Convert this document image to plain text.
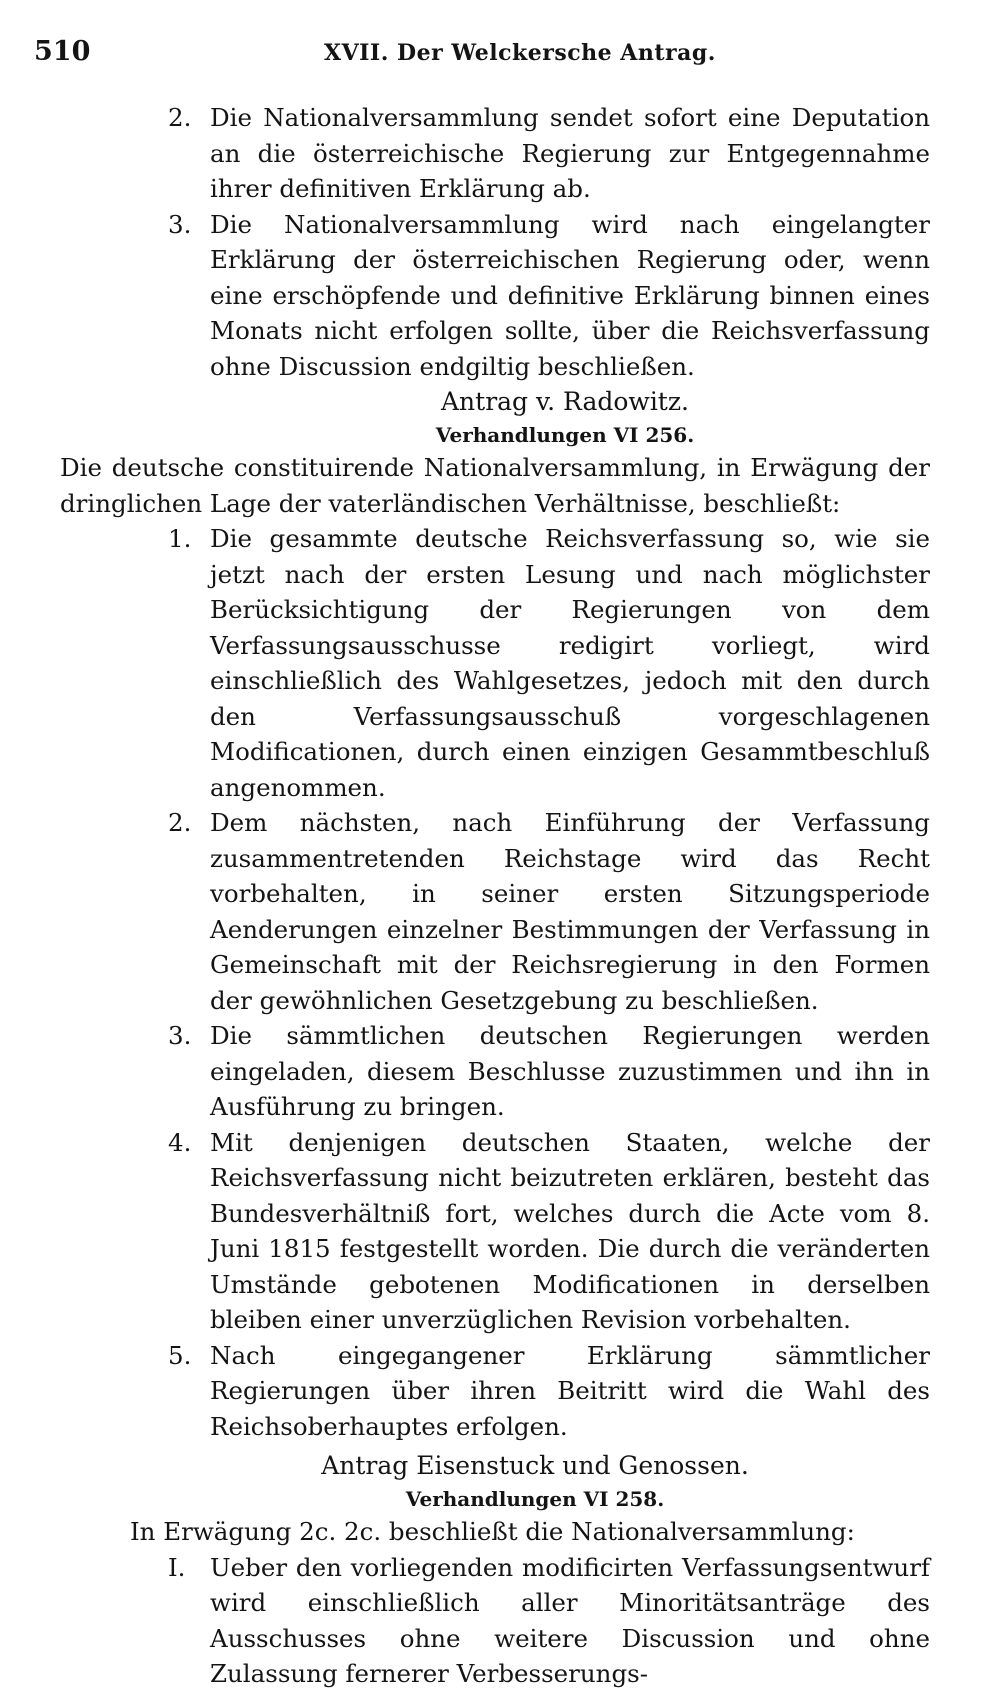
510	XVII. Der Welckersche Antrag.
2. Die Nationalversammlung sendet sofort eine Deputation an die österreichische Regierung zur Entgegennahme ihrer definitiven Erklärung ab.
3. Die Nationalversammlung wird nach eingelangter Erklärung der österreichischen Regierung oder, wenn eine erschöpfende und definitive Erklärung binnen eines Monats nicht erfolgen sollte, über die Reichsverfassung ohne Discussion endgiltig beschließen.

Antrag v. Radowitz.

Verhandlungen VI 256.

Die deutsche constituirende Nationalversammlung, in Erwägung der dringlichen Lage der vaterländischen Verhältnisse, beschließt:

1. Die gesammte deutsche Reichsverfassung so, wie sie jetzt nach der ersten Lesung und nach möglichster Berücksichtigung der Regierungen von dem Verfassungsausschusse redigirt vorliegt, wird einschließlich des Wahlgesetzes, jedoch mit den durch den Verfassungsausschuß vorgeschlagenen Modificationen, durch einen einzigen Gesammtbeschluß angenommen.
2. Dem nächsten, nach Einführung der Verfassung zusammentretenden Reichstage wird das Recht vorbehalten, in seiner ersten Sitzungsperiode Aenderungen einzelner Bestimmungen der Verfassung in Gemeinschaft mit der Reichsregierung in den Formen der gewöhnlichen Gesetzgebung zu beschließen.
3. Die sämmtlichen deutschen Regierungen werden eingeladen, diesem Beschlusse zuzustimmen und ihn in Ausführung zu bringen.
4. Mit denjenigen deutschen Staaten, welche der Reichsverfassung nicht beizutreten erklären, besteht das Bundesverhältniß fort, welches durch die Acte vom 8. Juni 1815 festgestellt worden. Die durch die veränderten Umstände gebotenen Modificationen in derselben bleiben einer unverzüglichen Revision vorbehalten.
5. Nach eingegangener Erklärung sämmtlicher Regierungen über ihren Beitritt wird die Wahl des Reichsoberhauptes erfolgen.

Antrag Eisenstuck und Genossen.

Verhandlungen VI 258.

In Erwägung 2c. 2c. beschließt die Nationalversammlung:

I.	Ueber den vorliegenden modificirten Verfassungsentwurf wird einschließlich aller Minoritätsanträge des Ausschusses ohne weitere Discussion und ohne Zulassung fernerer Verbesserungs-
